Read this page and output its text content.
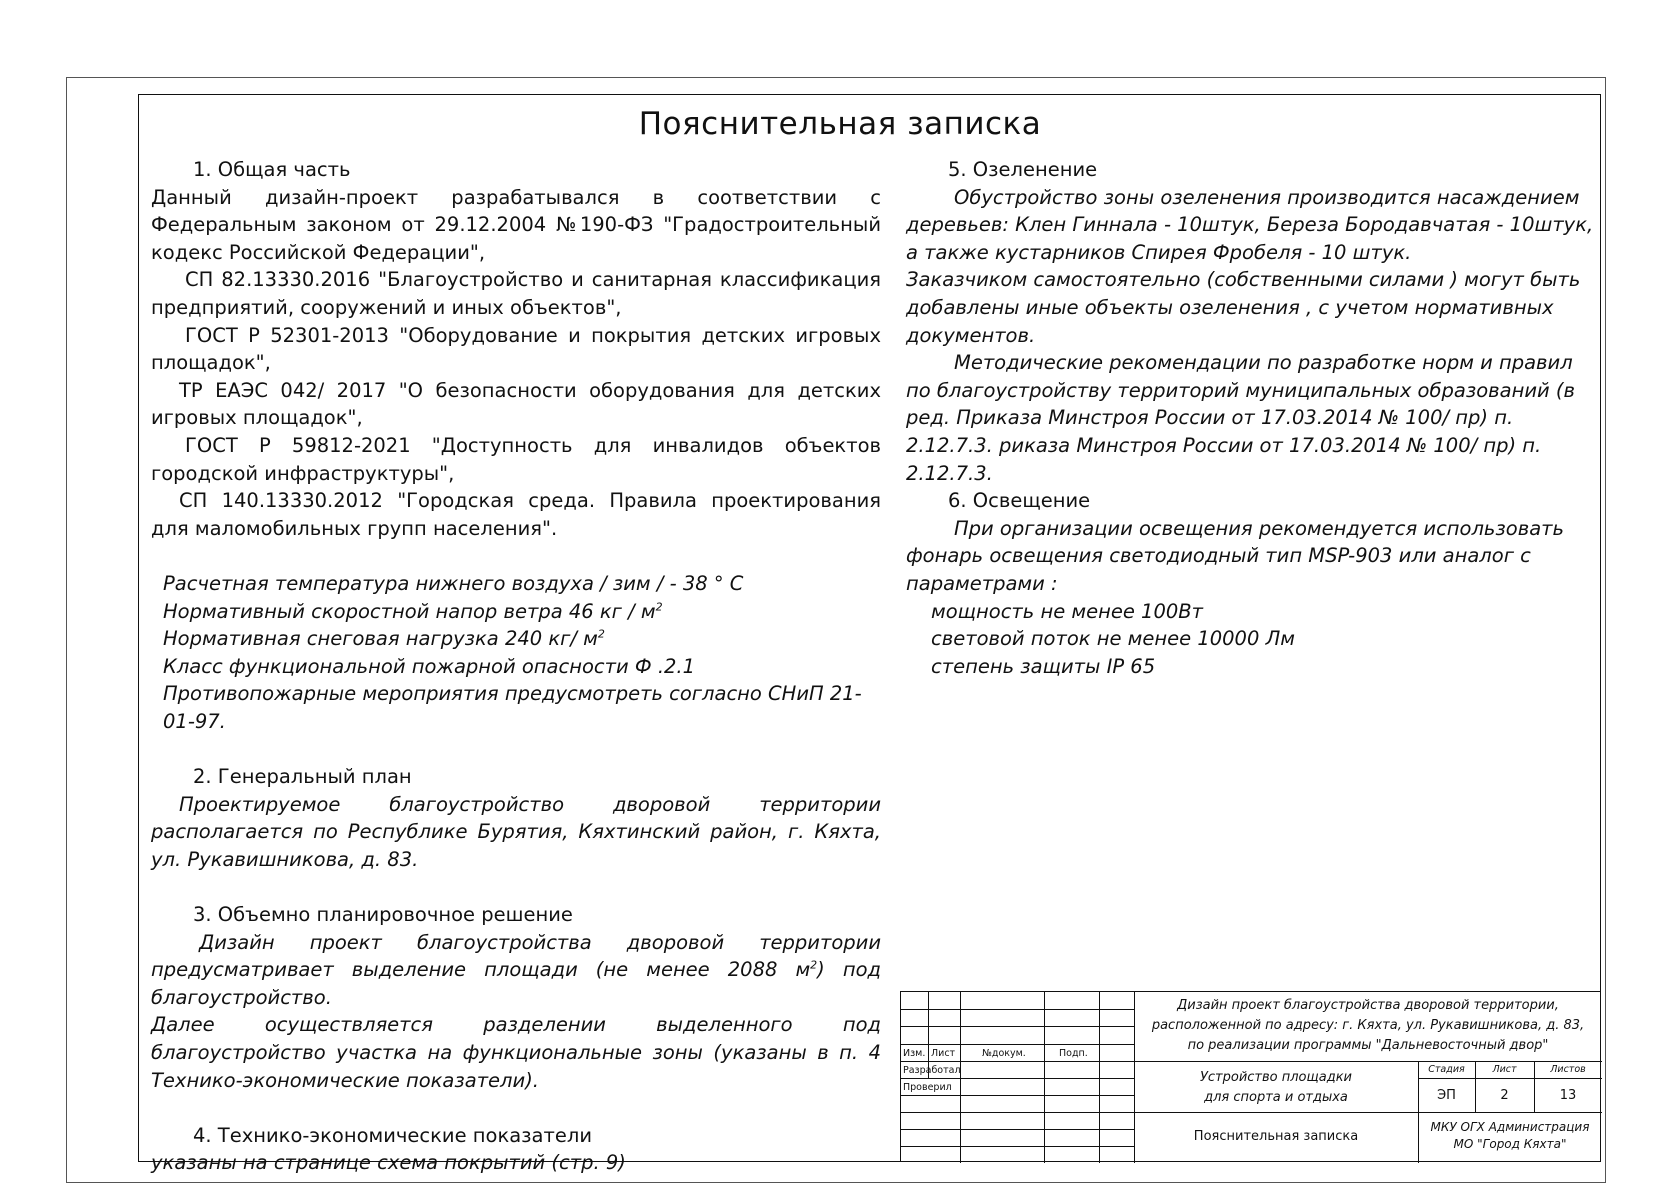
Пояснительная записка

1. Общая часть

Данный дизайн-проект разрабатывался в соответствии с Федеральным законом от 29.12.2004 №190-ФЗ "Градостроительный кодекс Российской Федерации",

СП 82.13330.2016 "Благоустройство и санитарная классификация предприятий, сооружений и иных объектов",

ГОСТ Р 52301-2013 "Оборудование и покрытия детских игровых площадок",

ТР ЕАЭС 042/ 2017 "О безопасности оборудования для детских игровых площадок",

ГОСТ Р 59812-2021 "Доступность для инвалидов объектов городской инфраструктуры",

СП 140.13330.2012 "Городская среда. Правила проектирования для маломобильных групп населения".

Расчетная температура нижнего воздуха / зим / - 38 ° С

Нормативный скоростной напор ветра 46 кг / $м^2$

Нормативная снеговая нагрузка 240 кг/ $м^2$

Класс функциональной пожарной опасности Ф .2.1

Противопожарные мероприятия предусмотреть согласно СНиП 21-01-97.

2. Генеральный план

Проектируемое благоустройство дворовой территории располагается по Республике Бурятия, Кяхтинский район, г. Кяхта, ул. Рукавишникова, д. 83.

3. Объемно планировочное решение

Дизайн проект благоустройства дворовой территории предусматривает выделение площади (не менее 2088 $м^2$) под благоустройство.

Далее осуществляется разделении выделенного под благоустройство участка на функциональные зоны (указаны в п. 4 Технико-экономические показатели).

4. Технико-экономические показатели

указаны на странице схема покрытий (стр. 9)

5. Озеленение

Обустройство зоны озеленения производится насаждением деревьев: Клен Гиннала - 10штук, Береза Бородавчатая - 10штук, а также кустарников Спирея Фробеля - 10 штук.

Заказчиком самостоятельно (собственными силами ) могут быть добавлены иные объекты озеленения , с учетом нормативных документов.

Методические рекомендации по разработке норм и правил по благоустройству территорий муниципальных образований (в ред. Приказа Минстроя России от 17.03.2014 № 100/ пр) п. 2.12.7.3. риказа Минстроя России от 17.03.2014 № 100/ пр) п. 2.12.7.3.

6. Освещение

При организации освещения рекомендуется использовать фонарь освещения светодиодный тип MSP-903 или аналог с параметрами :

мощность не менее 100Вт

световой поток не менее 10000 Лм

степень защиты IP 65

Изм. Лист	№докум.	Подп.
Разработал
Проверил
Дизайн проект благоустройства дворовой территории,
расположенной по адресу: г. Кяхта, ул. Рукавишникова, д. 83,
по реализации программы "Дальневосточный двор"
Устройство площадки
для спорта и отдыха
Стадия	Лист	Листов
ЭП	2	13
Пояснительная записка
МКУ ОГХ Администрация
МО "Город Кяхта"
